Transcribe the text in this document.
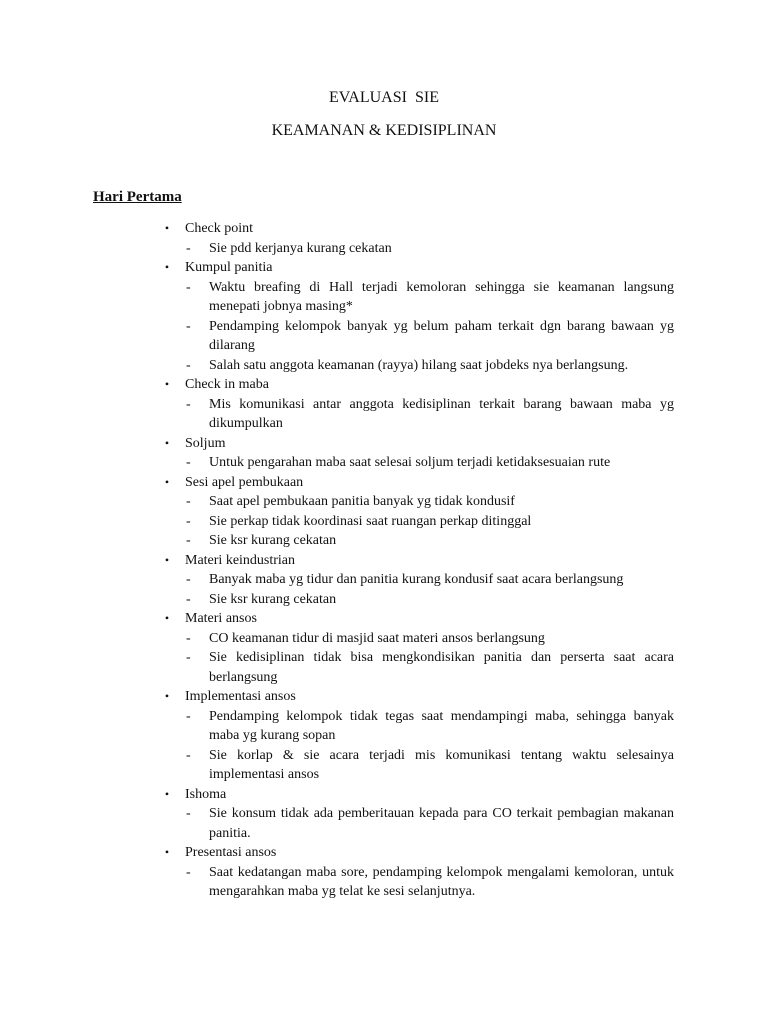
EVALUASI  SIE
KEAMANAN & KEDISIPLINAN
Hari Pertama
•	Check point
- Sie pdd kerjanya kurang cekatan
•	Kumpul panitia
- Waktu breafing di Hall terjadi kemoloran sehingga sie keamanan langsung menepati jobnya masing*
- Pendamping kelompok banyak yg belum paham terkait dgn barang bawaan yg dilarang
- Salah satu anggota keamanan (rayya) hilang saat jobdeks nya berlangsung.
•	Check in maba
- Mis komunikasi antar anggota kedisiplinan terkait barang bawaan maba yg dikumpulkan
•	Soljum
- Untuk pengarahan maba saat selesai soljum terjadi ketidaksesuaian rute
•	Sesi apel pembukaan
- Saat apel pembukaan panitia banyak yg tidak kondusif
- Sie perkap tidak koordinasi saat ruangan perkap ditinggal
- Sie ksr kurang cekatan
•	Materi keindustrian
- Banyak maba yg tidur dan panitia kurang kondusif saat acara berlangsung
- Sie ksr kurang cekatan
•	Materi ansos
- CO keamanan tidur di masjid saat materi ansos berlangsung
- Sie kedisiplinan tidak bisa mengkondisikan panitia dan perserta saat acara berlangsung
•	Implementasi ansos
- Pendamping kelompok tidak tegas saat mendampingi maba, sehingga banyak maba yg kurang sopan
- Sie korlap & sie acara terjadi mis komunikasi tentang waktu selesainya implementasi ansos
•	Ishoma
- Sie konsum tidak ada pemberitauan kepada para CO terkait pembagian makanan panitia.
•	Presentasi ansos
- Saat kedatangan maba sore, pendamping kelompok mengalami kemoloran, untuk mengarahkan maba yg telat ke sesi selanjutnya.
